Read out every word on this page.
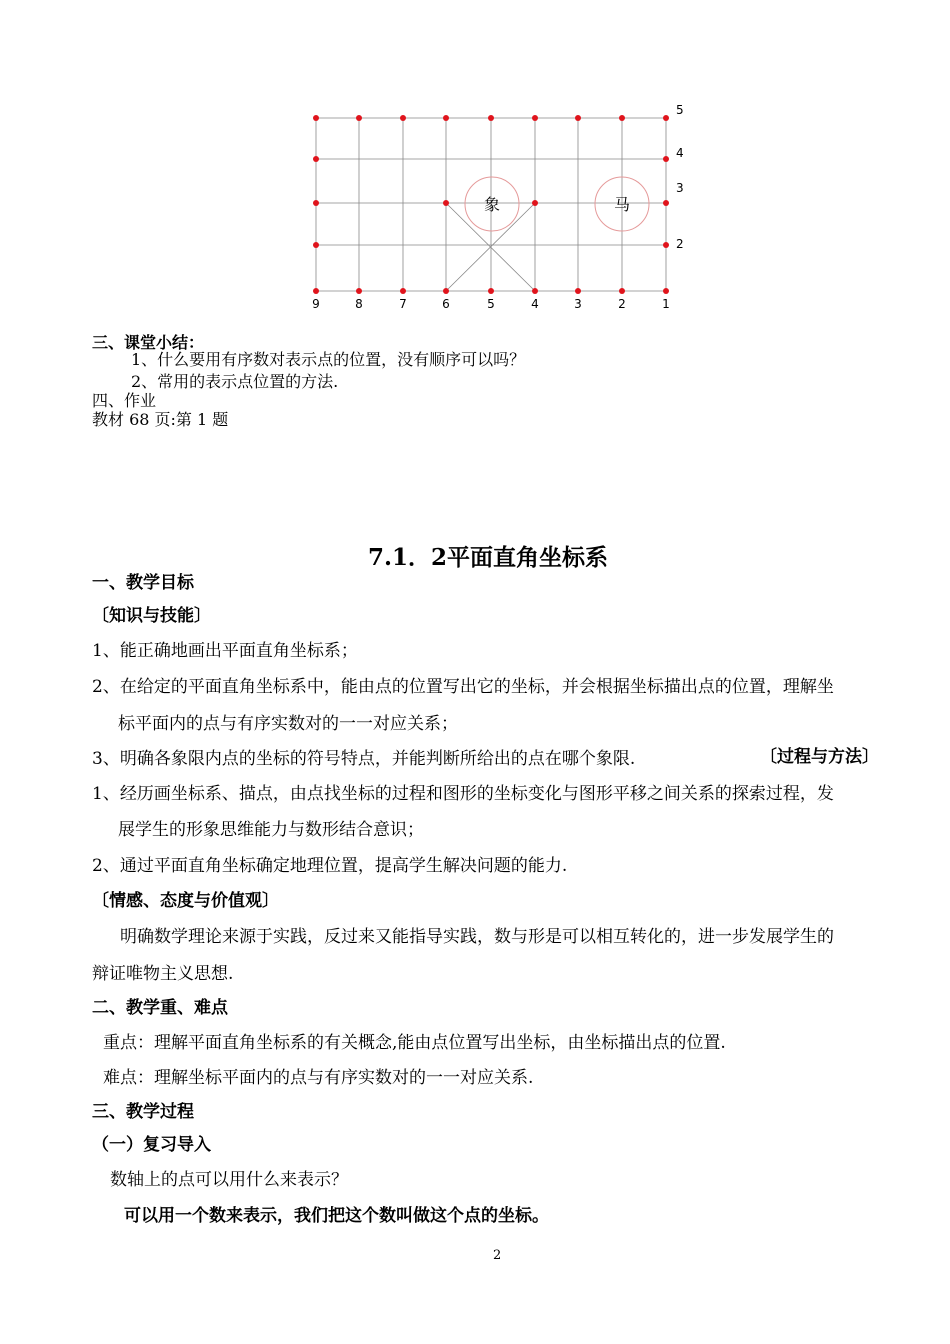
9	8	7	6	5	4	3	2	1
5
4
3
2
象	马
三、课堂小结：
1、什么要用有序数对表示点的位置，没有顺序可以吗？
2、常用的表示点位置的方法.
四、作业
教材 68 页:第 1 题
7.1．2平面直角坐标系
一、教学目标
〔知识与技能〕
1、能正确地画出平面直角坐标系；
2、在给定的平面直角坐标系中，能由点的位置写出它的坐标，并会根据坐标描出点的位置，理解坐
标平面内的点与有序实数对的一一对应关系；
3、明确各象限内点的坐标的符号特点，并能判断所给出的点在哪个象限.	〔过程与方法〕
1、经历画坐标系、描点，由点找坐标的过程和图形的坐标变化与图形平移之间关系的探索过程，发
展学生的形象思维能力与数形结合意识；
2、通过平面直角坐标确定地理位置，提高学生解决问题的能力.
〔情感、态度与价值观〕
明确数学理论来源于实践，反过来又能指导实践，数与形是可以相互转化的，进一步发展学生的
辩证唯物主义思想.
二、教学重、难点
重点：理解平面直角坐标系的有关概念,能由点位置写出坐标，由坐标描出点的位置.
难点：理解坐标平面内的点与有序实数对的一一对应关系.
三、教学过程
（一）复习导入
数轴上的点可以用什么来表示？
可以用一个数来表示，我们把这个数叫做这个点的坐标。
2
